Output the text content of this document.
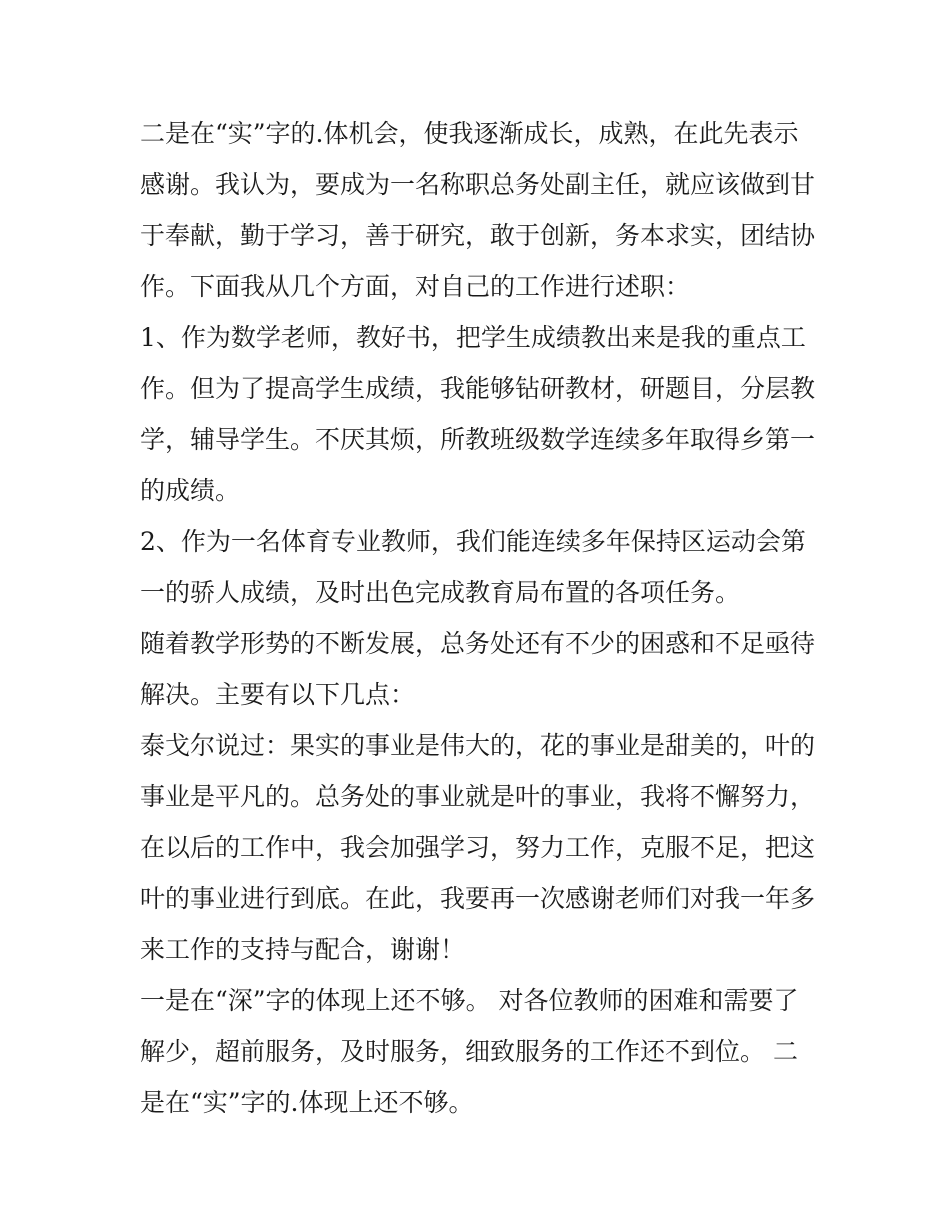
二是在“实”字的.体机会，使我逐渐成长，成熟，在此先表示
感谢。我认为，要成为一名称职总务处副主任，就应该做到甘
于奉献，勤于学习，善于研究，敢于创新，务本求实，团结协
作。下面我从几个方面，对自己的工作进行述职：
1、作为数学老师，教好书，把学生成绩教出来是我的重点工
作。但为了提高学生成绩，我能够钻研教材，研题目，分层教
学，辅导学生。不厌其烦，所教班级数学连续多年取得乡第一
的成绩。
2、作为一名体育专业教师，我们能连续多年保持区运动会第
一的骄人成绩，及时出色完成教育局布置的各项任务。
随着教学形势的不断发展，总务处还有不少的困惑和不足亟待
解决。主要有以下几点：
泰戈尔说过：果实的事业是伟大的，花的事业是甜美的，叶的
事业是平凡的。总务处的事业就是叶的事业，我将不懈努力，
在以后的工作中，我会加强学习，努力工作，克服不足，把这
叶的事业进行到底。在此，我要再一次感谢老师们对我一年多
来工作的支持与配合，谢谢！
一是在“深”字的体现上还不够。 对各位教师的困难和需要了
解少，超前服务，及时服务，细致服务的工作还不到位。 二
是在“实”字的.体现上还不够。
